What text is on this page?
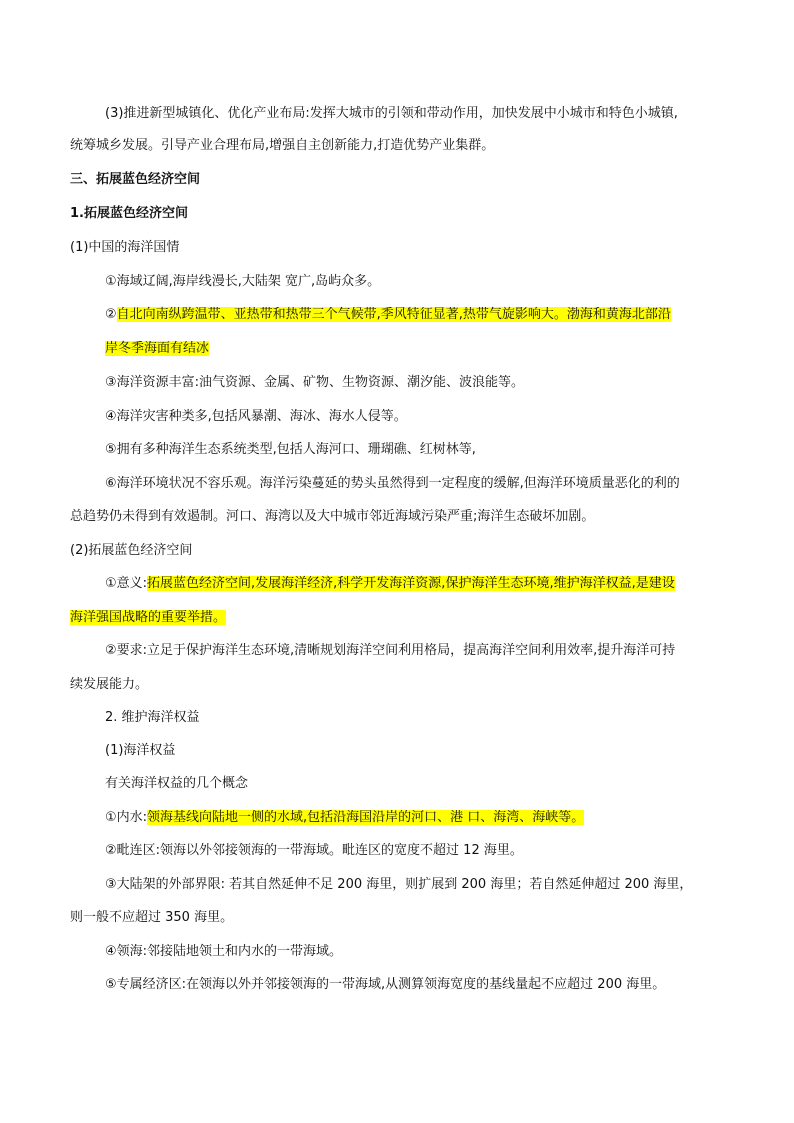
(3)推进新型城镇化、优化产业布局:发挥大城市的引领和带动作用，加快发展中小城市和特色小城镇,
统筹城乡发展。引导产业合理布局,增强自主创新能力,打造优势产业集群。
三、拓展蓝色经济空间
1.拓展蓝色经济空间
(1)中国的海洋国情
①海域辽阔,海岸线漫长,大陆架 宽广,岛屿众多。
②自北向南纵跨温带、亚热带和热带三个气候带,季风特征显著,热带气旋影响大。渤海和黄海北部沿
岸冬季海面有结冰
③海洋资源丰富:油气资源、金属、矿物、生物资源、潮汐能、波浪能等。
④海洋灾害种类多,包括风暴潮、海冰、海水人侵等。
⑤拥有多种海洋生态系统类型,包括人海河口、珊瑚礁、红树林等,
⑥海洋环境状况不容乐观。海洋污染蔓延的势头虽然得到一定程度的缓解,但海洋环境质量恶化的利的
总趋势仍未得到有效遏制。河口、海湾以及大中城市邻近海域污染严重;海洋生态破坏加剧。
(2)拓展蓝色经济空间
①意义:拓展蓝色经济空间,发展海洋经济,科学开发海洋资源,保护海洋生态环境,维护海洋权益,是建设
海洋强国战略的重要举措。
②要求:立足于保护海洋生态环境,清晰规划海洋空间利用格局，提高海洋空间利用效率,提升海洋可持
续发展能力。
2. 维护海洋权益
(1)海洋权益
有关海洋权益的几个概念
①内水:领海基线向陆地一侧的水域,包括沿海国沿岸的河口、港 口、海湾、海峡等。
②毗连区:领海以外邻接领海的一带海域。毗连区的宽度不超过 12 海里。
③大陆架的外部界限: 若其自然延伸不足 200 海里，则扩展到 200 海里；若自然延伸超过 200 海里，
则一般不应超过 350 海里。
④领海:邻接陆地领土和内水的一带海域。
⑤专属经济区:在领海以外并邻接领海的一带海域,从测算领海宽度的基线量起不应超过 200 海里。
